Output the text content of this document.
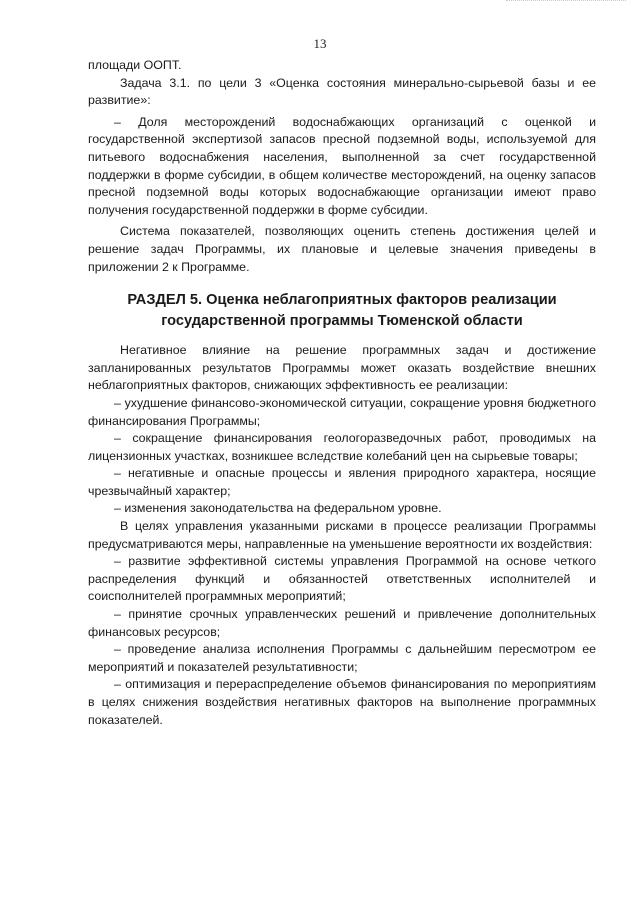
13

площади ООПТ.

Задача 3.1. по цели 3 «Оценка состояния минерально-сырьевой базы и ее развитие»:

– Доля месторождений водоснабжающих организаций с оценкой и государственной экспертизой запасов пресной подземной воды, используемой для питьевого водоснабжения населения, выполненной за счет государственной поддержки в форме субсидии, в общем количестве месторождений, на оценку запасов пресной подземной воды которых водоснабжающие организации имеют право получения государственной поддержки в форме субсидии.

Система показателей, позволяющих оценить степень достижения целей и решение задач Программы, их плановые и целевые значения приведены в приложении 2 к Программе.

РАЗДЕЛ 5. Оценка неблагоприятных факторов реализации государственной программы Тюменской области

Негативное влияние на решение программных задач и достижение запланированных результатов Программы может оказать воздействие внешних неблагоприятных факторов, снижающих эффективность ее реализации:

– ухудшение финансово-экономической ситуации, сокращение уровня бюджетного финансирования Программы;

– сокращение финансирования геологоразведочных работ, проводимых на лицензионных участках, возникшее вследствие колебаний цен на сырьевые товары;

– негативные и опасные процессы и явления природного характера, носящие чрезвычайный характер;

– изменения законодательства на федеральном уровне.

В целях управления указанными рисками в процессе реализации Программы предусматриваются меры, направленные на уменьшение вероятности их воздействия:

– развитие эффективной системы управления Программой на основе четкого распределения функций и обязанностей ответственных исполнителей и соисполнителей программных мероприятий;

– принятие срочных управленческих решений и привлечение дополнительных финансовых ресурсов;

– проведение анализа исполнения Программы с дальнейшим пересмотром ее мероприятий и показателей результативности;

– оптимизация и перераспределение объемов финансирования по мероприятиям в целях снижения воздействия негативных факторов на выполнение программных показателей.
